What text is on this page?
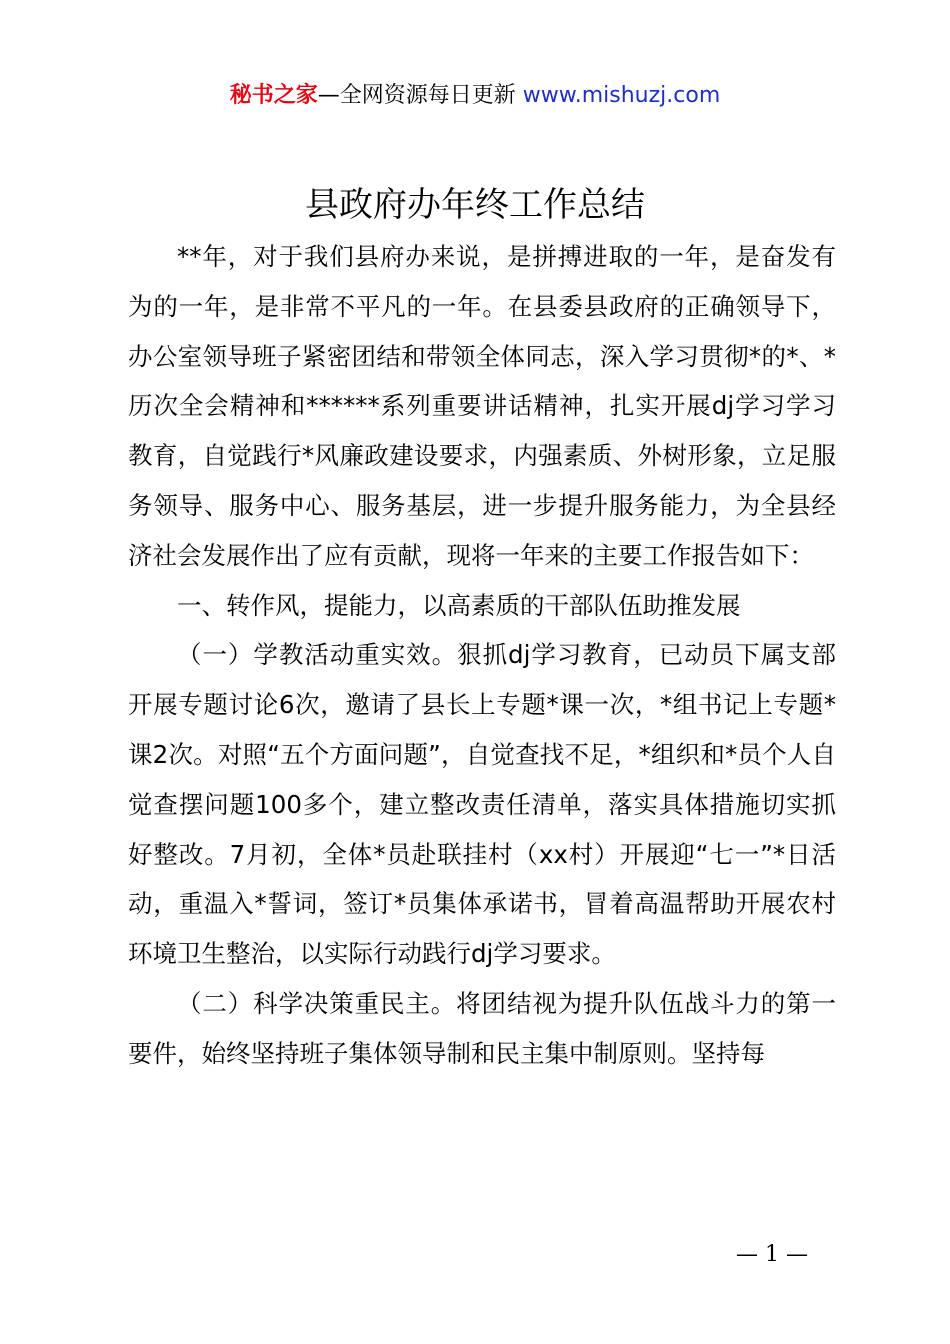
秘书之家—全网资源每日更新 www.mishuzj.com
县政府办年终工作总结

**年，对于我们县府办来说，是拼搏进取的一年，是奋发有为的一年，是非常不平凡的一年。在县委县政府的正确领导下，办公室领导班子紧密团结和带领全体同志，深入学习贯彻*的*、*历次全会精神和******系列重要讲话精神，扎实开展dj学习学习教育，自觉践行*风廉政建设要求，内强素质、外树形象，立足服务领导、服务中心、服务基层，进一步提升服务能力，为全县经济社会发展作出了应有贡献，现将一年来的主要工作报告如下：

一、转作风，提能力，以高素质的干部队伍助推发展

（一）学教活动重实效。狠抓dj学习教育，已动员下属支部开展专题讨论6次，邀请了县长上专题*课一次，*组书记上专题*课2次。对照“五个方面问题”，自觉查找不足，*组织和*员个人自觉查摆问题100多个，建立整改责任清单，落实具体措施切实抓好整改。7月初，全体*员赴联挂村（xx村）开展迎“七一”*日活动，重温入*誓词，签订*员集体承诺书，冒着高温帮助开展农村环境卫生整治，以实际行动践行dj学习要求。

（二）科学决策重民主。将团结视为提升队伍战斗力的第一要件，始终坚持班子集体领导制和民主集中制原则。坚持每

— 1 —
